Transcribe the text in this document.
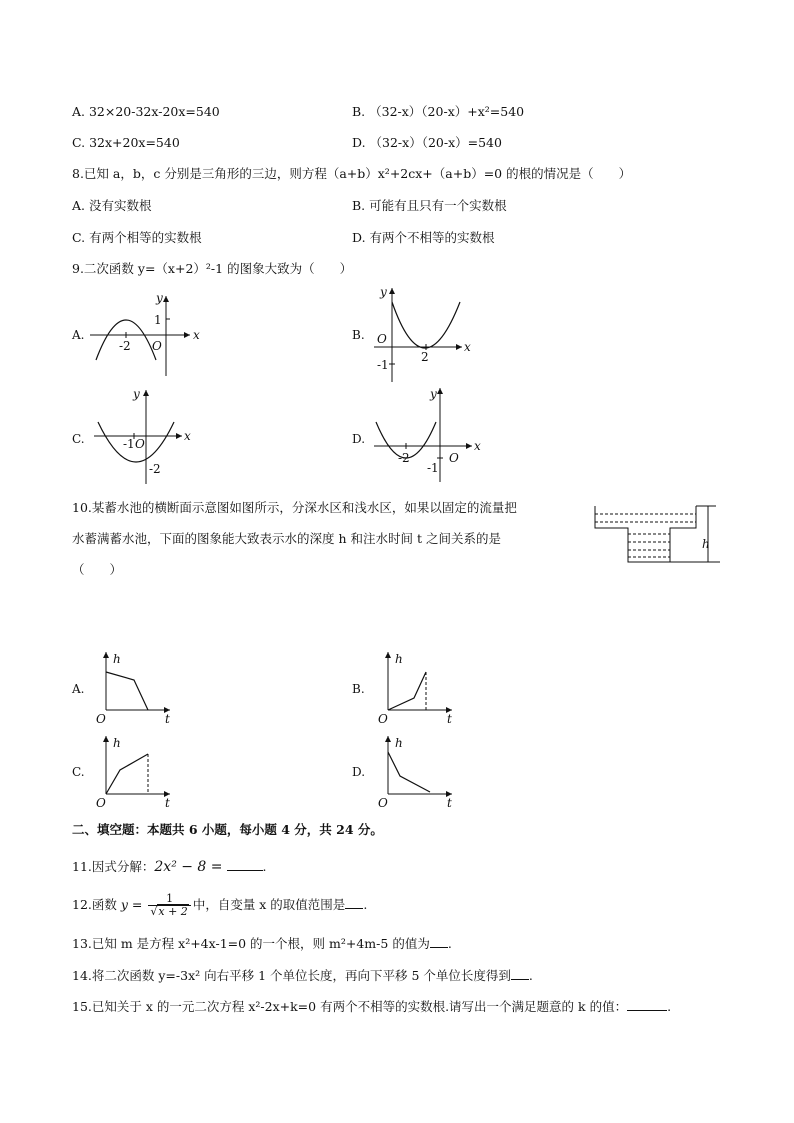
A. 32×20-32x-20x=540	B. （32-x）（20-x）+x²=540
C. 32x+20x=540	D. （32-x）（20-x）=540
8.已知 a，b，c 分别是三角形的三边，则方程（a+b）x²+2cx+（a+b）=0 的根的情况是（　　）
A. 没有实数根	B. 可能有且只有一个实数根
C. 有两个相等的实数根	D. 有两个不相等的实数根
9.二次函数 y=（x+2）²-1 的图象大致为（　　）
A.	x
y
O
-2
1
B.
x
y
O
2
-1
C.	x
y
-1 O
-2
D.	x
y
-2
-1
O
10.某蓄水池的横断面示意图如图所示，分深水区和浅水区，如果以固定的流量把
水蓄满蓄水池，下面的图象能大致表示水的深度 h 和注水时间 t 之间关系的是
（　　）
h
A.
h
t
O
B.
h
t
O
C.
h
t
O
D.
h
t
O
二、填空题：本题共 6 小题，每小题 4 分，共 24 分。
11.因式分解：2x² − 8 =	.
12.函数 $y = \frac{1}{√x + 2}$ 中，自变量 x 的取值范围是 .
13.已知 m 是方程 x²+4x-1=0 的一个根，则 m²+4m-5 的值为 .
14.将二次函数 y=-3x² 向右平移 1 个单位长度，再向下平移 5 个单位长度得到 .
15.已知关于 x 的一元二次方程 x²-2x+k=0 有两个不相等的实数根.请写出一个满足题意的 k 的值：	.
